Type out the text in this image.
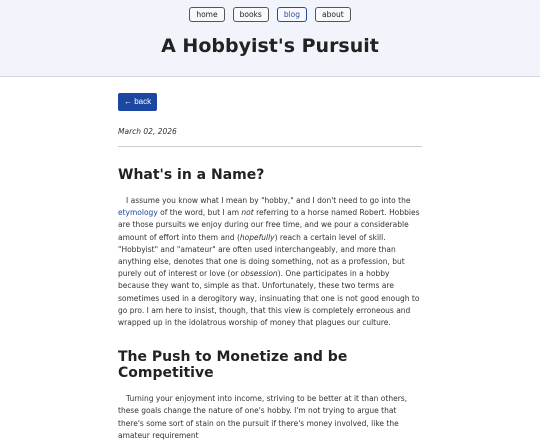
home	books	blog	about
A Hobbyist's Pursuit
← back
March 02, 2026
What's in a Name?

I assume you know what I mean by "hobby," and I don't need to go into the etymology of the word, but I am not referring to a horse named Robert. Hobbies are those pursuits we enjoy during our free time, and we pour a considerable amount of effort into them and (hopefully) reach a certain level of skill. "Hobbyist" and "amateur" are often used interchangeably, and more than anything else, denotes that one is doing something, not as a profession, but purely out of interest or love (or obsession). One participates in a hobby because they want to, simple as that. Unfortunately, these two terms are sometimes used in a derogitory way, insinuating that one is not good enough to go pro. I am here to insist, though, that this view is completely erroneous and wrapped up in the idolatrous worship of money that plagues our culture.

The Push to Monetize and be Competitive

Turning your enjoyment into income, striving to be better at it than others, these goals change the nature of one's hobby. I'm not trying to argue that there's some sort of stain on the pursuit if there's money involved, like the amateur requirement
